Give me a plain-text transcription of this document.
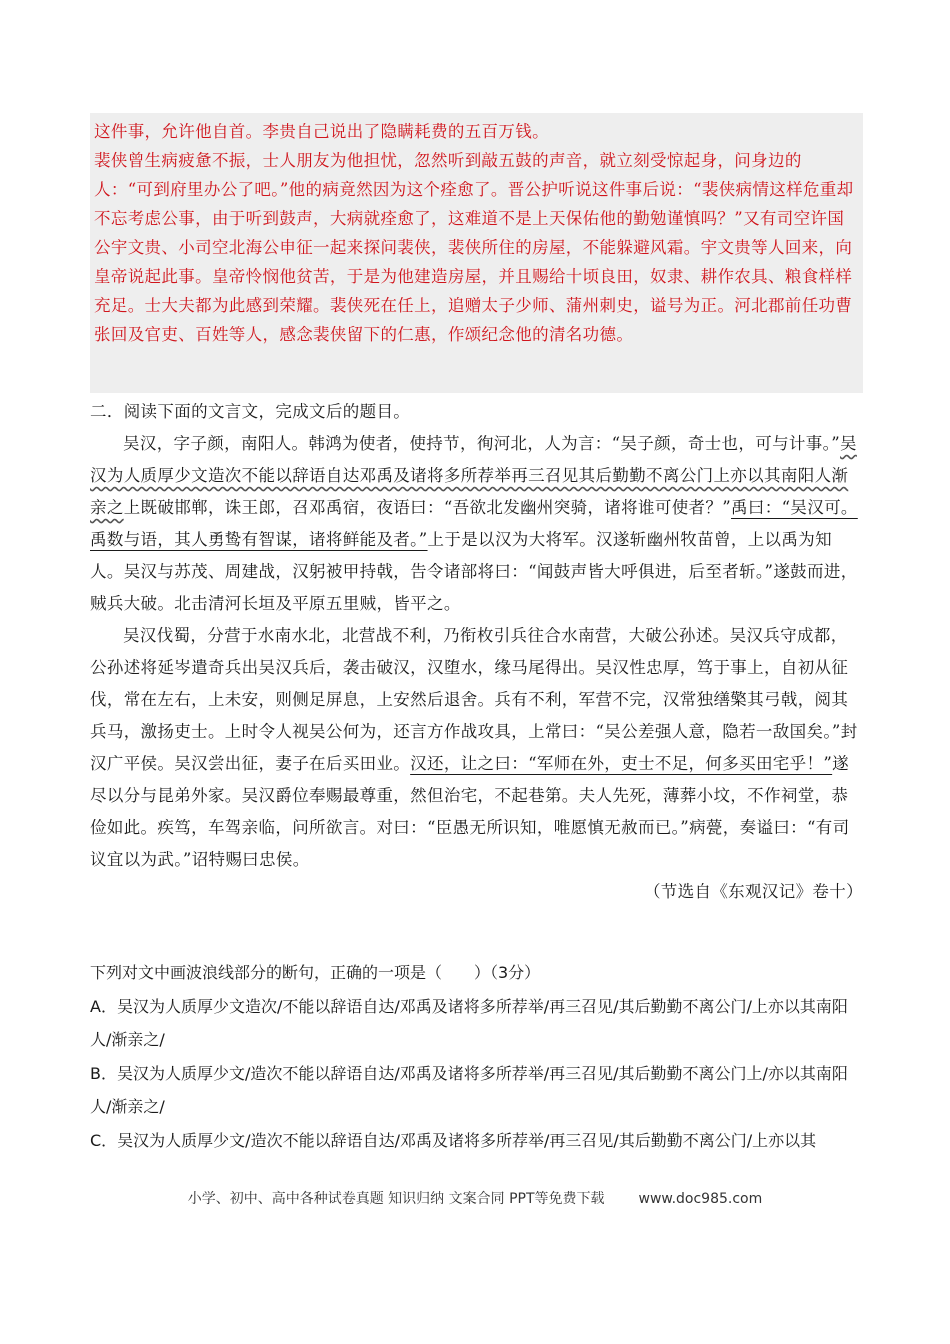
这件事，允许他自首。李贵自己说出了隐瞒耗费的五百万钱。

裴侠曾生病疲惫不振，士人朋友为他担忧，忽然听到敲五鼓的声音，就立刻受惊起身，问身边的人：“可到府里办公了吧。”他的病竟然因为这个痊愈了。晋公护听说这件事后说：“裴侠病情这样危重却不忘考虑公事，由于听到鼓声，大病就痊愈了，这难道不是上天保佑他的勤勉谨慎吗？”又有司空许国公宇文贵、小司空北海公申征一起来探问裴侠，裴侠所住的房屋，不能躲避风霜。宇文贵等人回来，向皇帝说起此事。皇帝怜悯他贫苦，于是为他建造房屋，并且赐给十顷良田，奴隶、耕作农具、粮食样样充足。士大夫都为此感到荣耀。裴侠死在任上，追赠太子少师、蒲州刺史，谥号为正。河北郡前任功曹张回及官吏、百姓等人，感念裴侠留下的仁惠，作颂纪念他的清名功德。

二．阅读下面的文言文，完成文后的题目。

吴汉，字子颜，南阳人。韩鸿为使者，使持节，徇河北，人为言：“吴子颜，奇士也，可与计事。”吴汉为人质厚少文造次不能以辞语自达邓禹及诸将多所荐举再三召见其后勤勤不离公门上亦以其南阳人渐亲之上既破邯郸，诛王郎，召邓禹宿，夜语曰：“吾欲北发幽州突骑，诸将谁可使者？”禹曰：“吴汉可。禹数与语，其人勇鸷有智谋，诸将鲜能及者。”上于是以汉为大将军。汉遂斩幽州牧苗曾，上以禹为知人。吴汉与苏茂、周建战，汉躬被甲持戟，告令诸部将曰：“闻鼓声皆大呼俱进，后至者斩。”遂鼓而进，贼兵大破。北击清河长垣及平原五里贼，皆平之。

吴汉伐蜀，分营于水南水北，北营战不利，乃衔枚引兵往合水南营，大破公孙述。吴汉兵守成都，公孙述将延岑遣奇兵出吴汉兵后，袭击破汉，汉堕水，缘马尾得出。吴汉性忠厚，笃于事上，自初从征伐，常在左右，上未安，则侧足屏息，上安然后退舍。兵有不利，军营不完，汉常独缮檠其弓戟，阅其兵马，激扬吏士。上时令人视吴公何为，还言方作战攻具，上常曰：“吴公差强人意，隐若一敌国矣。”封汉广平侯。吴汉尝出征，妻子在后买田业。汉还，让之曰：“军师在外，吏士不足，何多买田宅乎！”遂尽以分与昆弟外家。吴汉爵位奉赐最尊重，然但治宅，不起巷第。夫人先死，薄葬小坟，不作祠堂，恭俭如此。疾笃，车驾亲临，问所欲言。对曰：“臣愚无所识知，唯愿慎无赦而已。”病甍，奏谥曰：“有司议宜以为武。”诏特赐曰忠侯。

（节选自《东观汉记》卷十）

下列对文中画波浪线部分的断句，正确的一项是（　　）（3分）

A．吴汉为人质厚少文造次/不能以辞语自达/邓禹及诸将多所荐举/再三召见/其后勤勤不离公门/上亦以其南阳人/渐亲之/

B．吴汉为人质厚少文/造次不能以辞语自达/邓禹及诸将多所荐举/再三召见/其后勤勤不离公门上/亦以其南阳人/渐亲之/

C．吴汉为人质厚少文/造次不能以辞语自达/邓禹及诸将多所荐举/再三召见/其后勤勤不离公门/上亦以其

小学、初中、高中各种试卷真题 知识归纳 文案合同 PPT等免费下载 www.doc985.com
